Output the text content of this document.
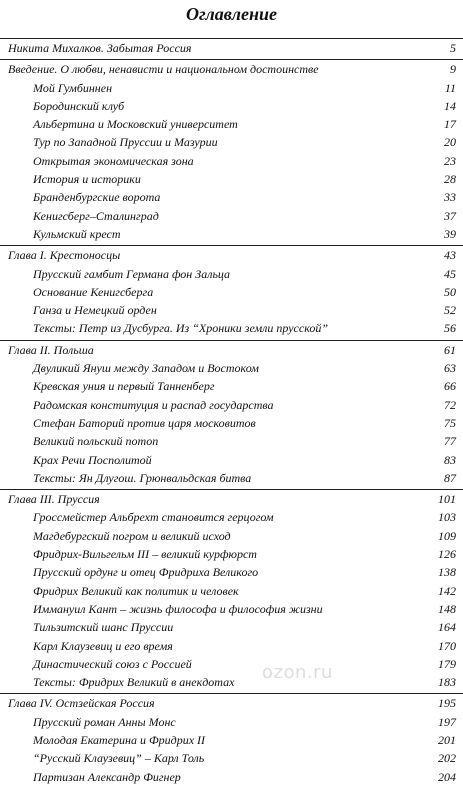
Оглавление
Никита Михалков. Забытая Россия	5
Введение. О любви, ненависти и национальном достоинстве	9
Мой Гумбиннен	11
Бородинский клуб	14
Альбертина и Московский университет	17
Тур по Западной Пруссии и Мазурии	20
Открытая экономическая зона	23
История и историки	28
Бранденбургские ворота	33
Кенигсберг–Сталинград	37
Кульмский крест	39
Глава I. Крестоносцы	43
Прусский гамбит Германа фон Зальца	45
Основание Кенигсберга	50
Ганза и Немецкий орден	52
Тексты: Петр из Дусбурга. Из “Хроники земли прусской”	56
Глава II. Польша	61
Двуликий Януш между Западом и Востоком	63
Кревская уния и первый Танненберг	66
Радомская конституция и распад государства	72
Стефан Баторий против царя московитов	75
Великий польский потоп	77
Крах Речи Посполитой	83
Тексты: Ян Длугош. Грюнвальдская битва	87
Глава III. Пруссия	101
Гроссмейстер Альбрехт становится герцогом	103
Магдебургский погром и великий исход	109
Фридрих-Вильгельм III – великий курфюрст	126
Прусский ордунг и отец Фридриха Великого	138
Фридрих Великий как политик и человек	142
Иммануил Кант – жизнь философа и философия жизни	148
Тильзитский шанс Пруссии	164
Карл Клаузевиц и его время	170
Династический союз с Россией	179
Тексты: Фридрих Великий в анекдотах	183
Глава IV. Остзейская Россия	195
Прусский роман Анны Монс	197
Молодая Екатерина и Фридрих II	201
“Русский Клаузевиц” – Карл Толь	202
Партизан Александр Фигнер	204
ozon.ru
